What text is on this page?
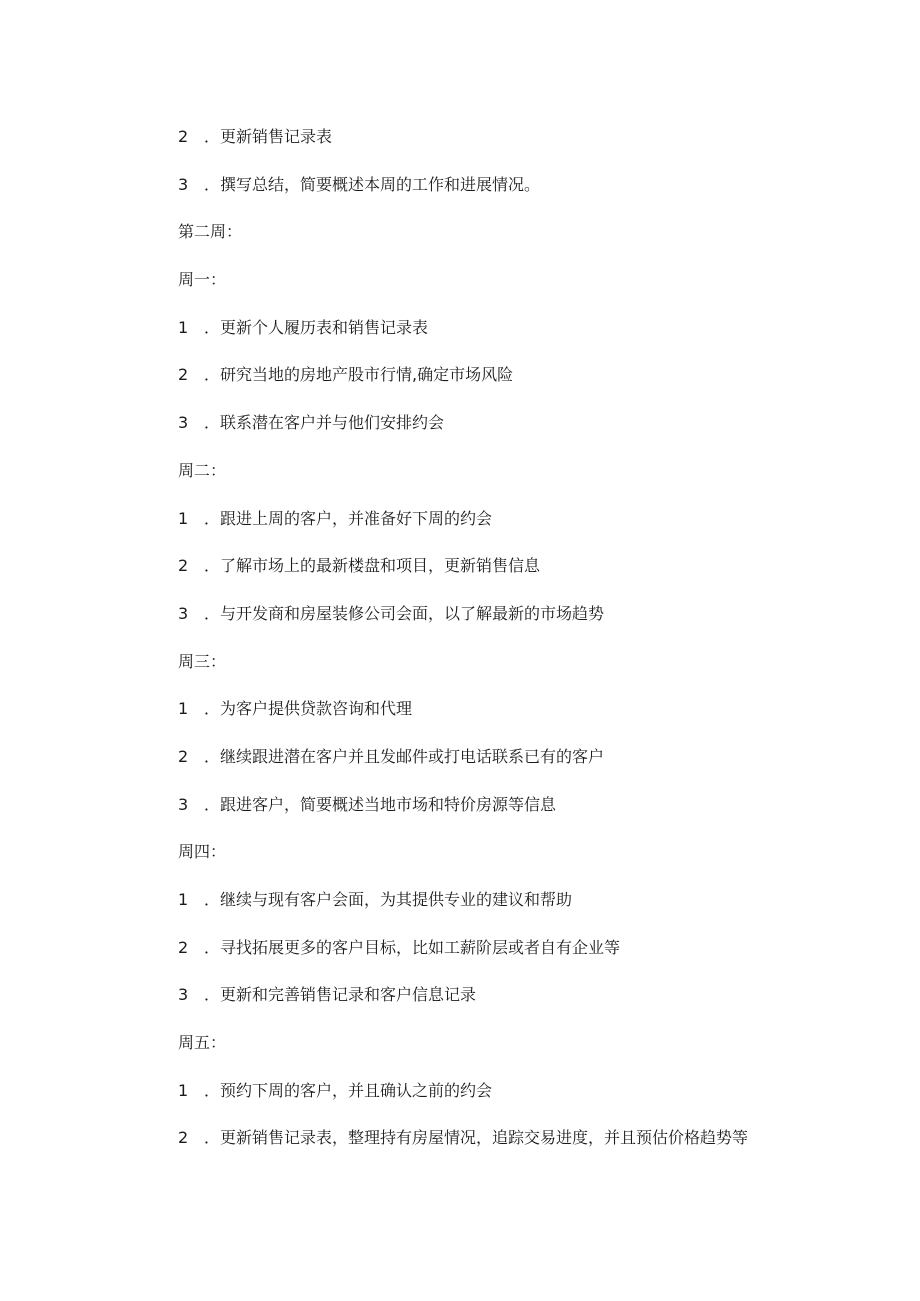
2 ．更新销售记录表
3 ．撰写总结，简要概述本周的工作和进展情况。
第二周：
周一：
1 ．更新个人履历表和销售记录表
2 ．研究当地的房地产股市行情,确定市场风险
3 ．联系潜在客户并与他们安排约会
周二：
1 ．跟进上周的客户，并准备好下周的约会
2 ．了解市场上的最新楼盘和项目，更新销售信息
3 ．与开发商和房屋装修公司会面，以了解最新的市场趋势
周三：
1 ．为客户提供贷款咨询和代理
2 ．继续跟进潜在客户并且发邮件或打电话联系已有的客户
3 ．跟进客户，简要概述当地市场和特价房源等信息
周四：
1 ．继续与现有客户会面，为其提供专业的建议和帮助
2 ．寻找拓展更多的客户目标，比如工薪阶层或者自有企业等
3 ．更新和完善销售记录和客户信息记录
周五：
1 ．预约下周的客户，并且确认之前的约会
2 ．更新销售记录表，整理持有房屋情况，追踪交易进度，并且预估价格趋势等
